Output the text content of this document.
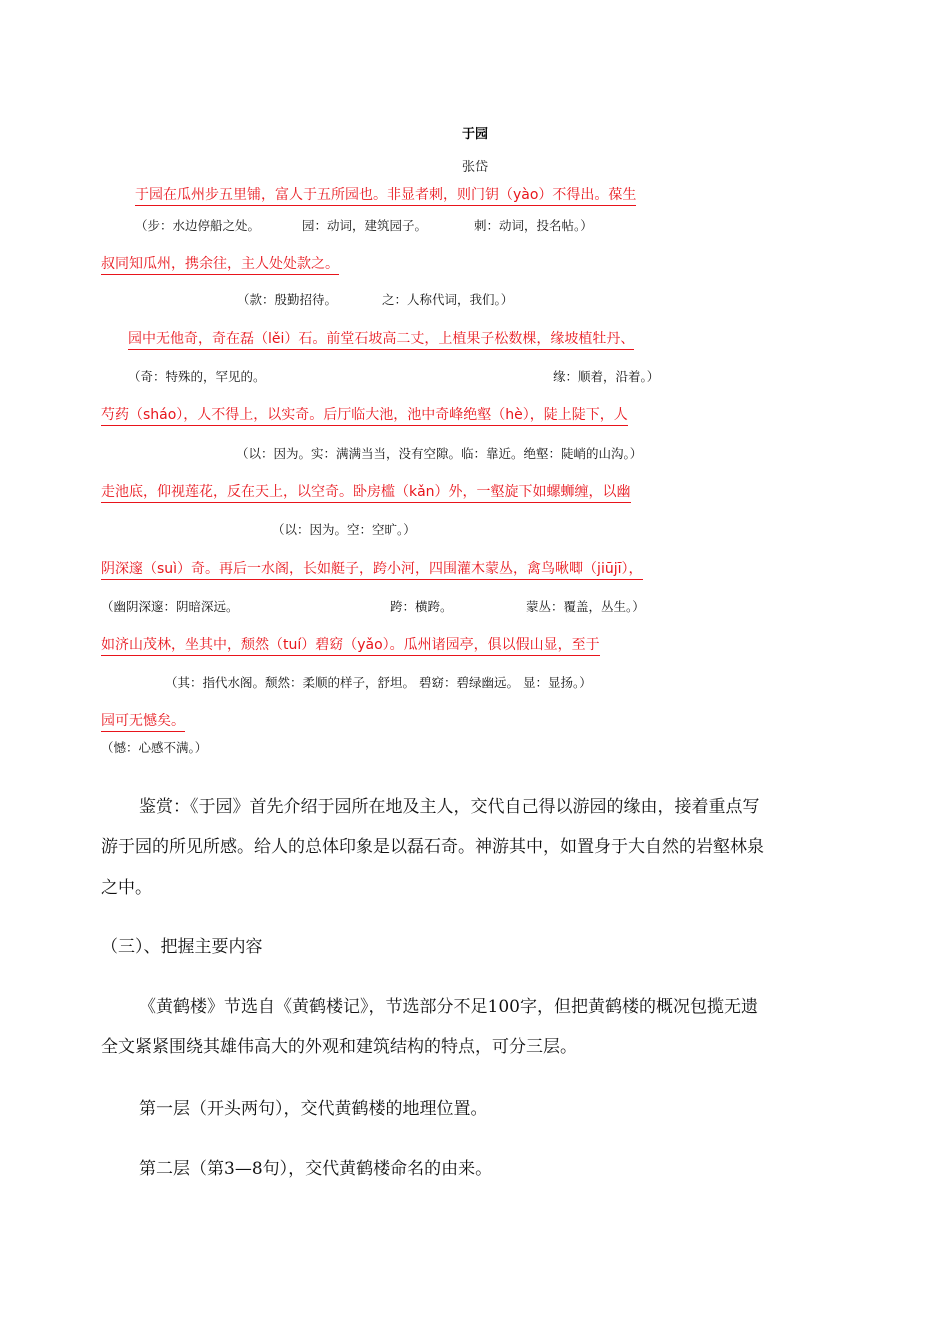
于园
张岱
于园在瓜州步五里铺，富人于五所园也。非显者刺，则门钥（yào）不得出。葆生
（步：水边停船之处。	园：动词，建筑园子。	刺：动词，投名帖。）
叔同知瓜州，携余往，主人处处款之。
（款：殷勤招待。	之：人称代词，我们。）
园中无他奇，奇在磊（lěi）石。前堂石坡高二丈，上植果子松数棵，缘坡植牡丹、
（奇：特殊的，罕见的。	缘：顺着，沿着。）
芍药（sháo），人不得上，以实奇。后厅临大池，池中奇峰绝壑（hè），陡上陡下，人
（以：因为。实：满满当当，没有空隙。临：靠近。绝壑：陡峭的山沟。）
走池底，仰视莲花，反在天上，以空奇。卧房槛（kǎn）外，一壑旋下如螺蛳缠，以幽
（以：因为。空：空旷。）
阴深邃（suì）奇。再后一水阁，长如艇子，跨小河，四围灌木蒙丛，禽鸟啾唧（jiūjī），
（幽阴深邃：阴暗深远。	跨：横跨。	蒙丛：覆盖，丛生。）
如济山茂林，坐其中，颓然（tuí）碧窈（yǎo）。瓜州诸园亭，俱以假山显，至于
（其：指代水阁。颓然：柔顺的样子，舒坦。 碧窈：碧绿幽远。 显：显扬。）
园可无憾矣。
（憾：心感不满。）
鉴赏：《于园》首先介绍于园所在地及主人，交代自己得以游园的缘由，接着重点写
游于园的所见所感。给人的总体印象是以磊石奇。神游其中，如置身于大自然的岩壑林泉
之中。
（三）、把握主要内容
《黄鹤楼》节选自《黄鹤楼记》，节选部分不足100字，但把黄鹤楼的概况包揽无遗
全文紧紧围绕其雄伟高大的外观和建筑结构的特点，可分三层。
第一层（开头两句），交代黄鹤楼的地理位置。
第二层（第3—8句），交代黄鹤楼命名的由来。
